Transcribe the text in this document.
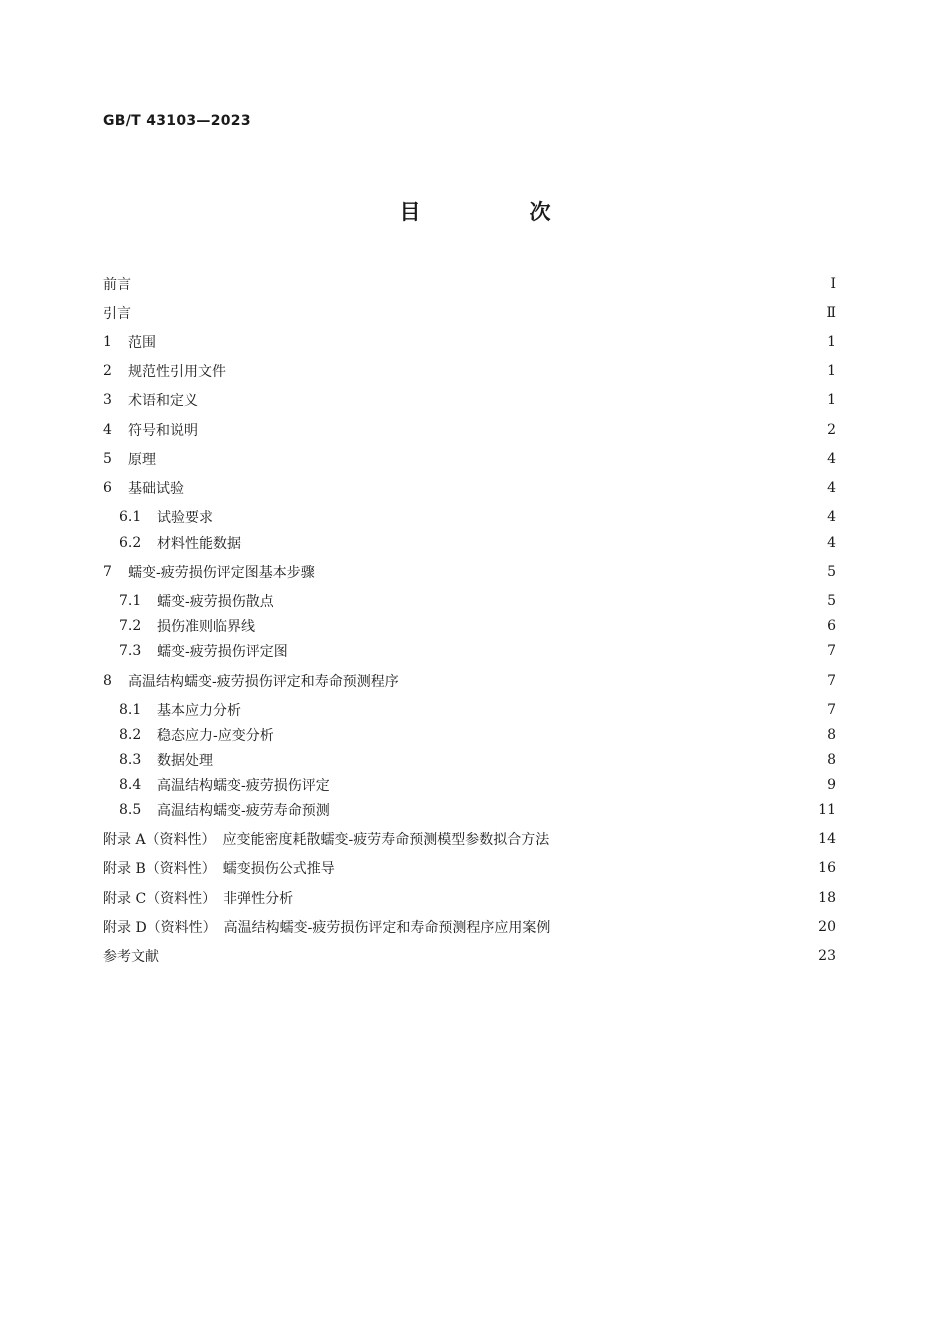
GB/T 43103—2023
目　次
前言	Ⅰ
引言	Ⅱ
1	范围	1
2	规范性引用文件	1
3	术语和定义	1
4	符号和说明	2
5	原理	4
6	基础试验	4
6.1	试验要求	4
6.2	材料性能数据	4
7	蠕变-疲劳损伤评定图基本步骤	5
7.1	蠕变-疲劳损伤散点	5
7.2	损伤准则临界线	6
7.3	蠕变-疲劳损伤评定图	7
8	高温结构蠕变-疲劳损伤评定和寿命预测程序	7
8.1	基本应力分析	7
8.2	稳态应力-应变分析	8
8.3	数据处理	8
8.4	高温结构蠕变-疲劳损伤评定	9
8.5	高温结构蠕变-疲劳寿命预测	11
附录 A（资料性）　应变能密度耗散蠕变-疲劳寿命预测模型参数拟合方法	14
附录 B（资料性）　蠕变损伤公式推导	16
附录 C（资料性）　非弹性分析	18
附录 D（资料性）　高温结构蠕变-疲劳损伤评定和寿命预测程序应用案例	20
参考文献	23
